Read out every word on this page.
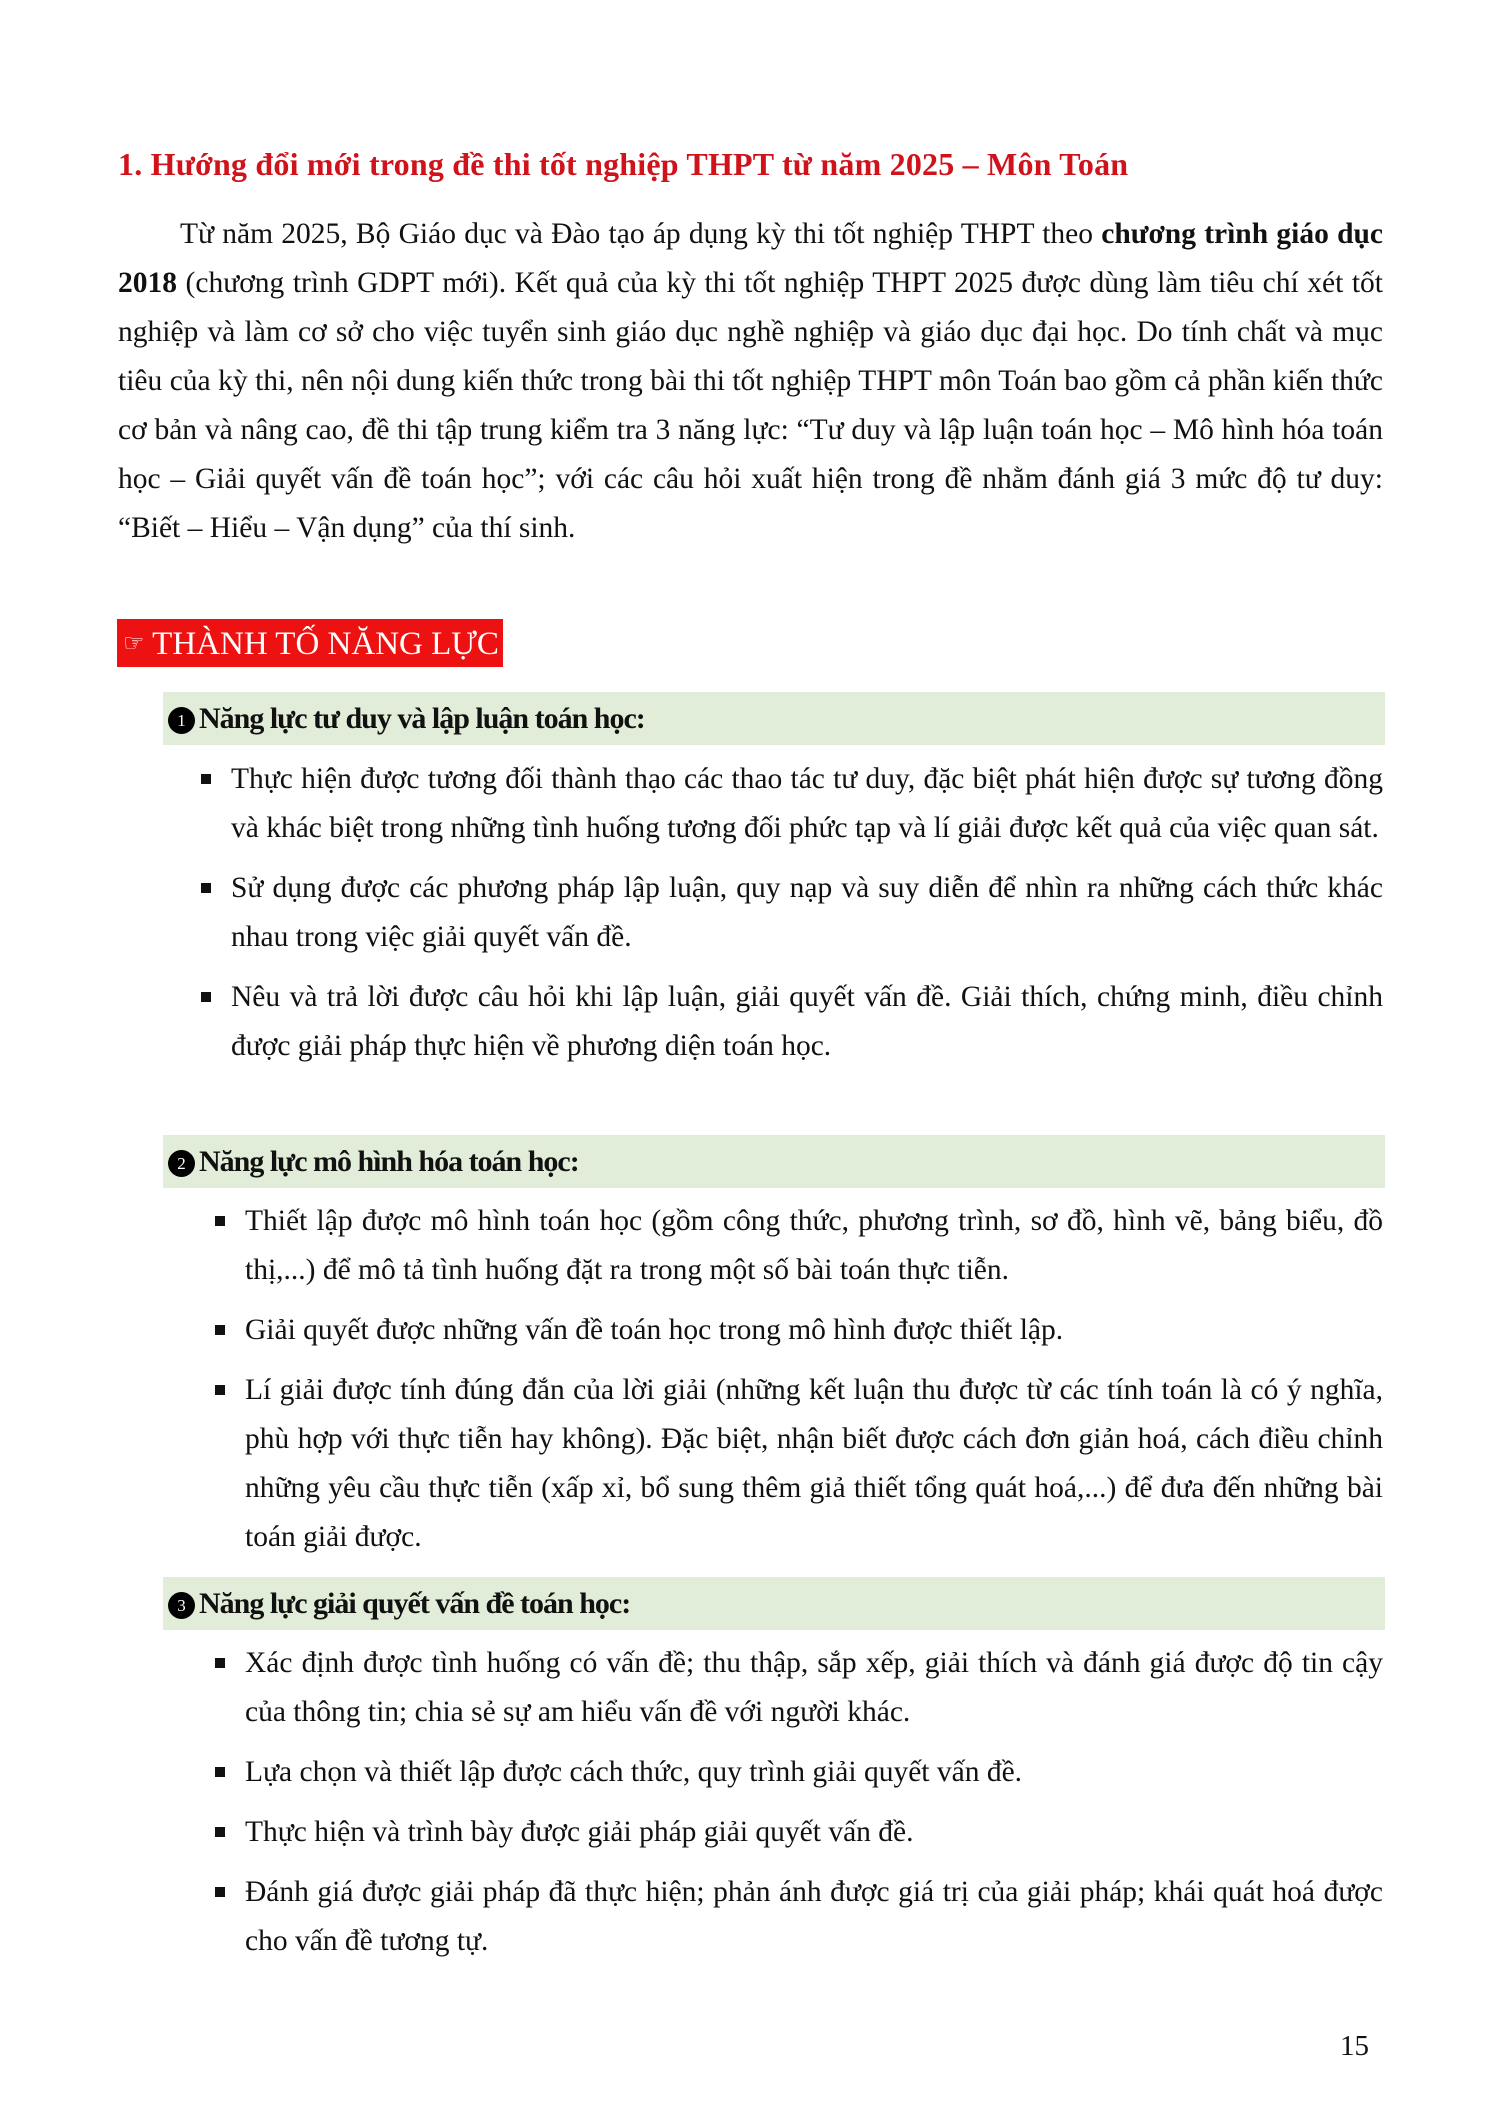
1. Hướng đổi mới trong đề thi tốt nghiệp THPT từ năm 2025 – Môn Toán

Từ năm 2025, Bộ Giáo dục và Đào tạo áp dụng kỳ thi tốt nghiệp THPT theo chương trình giáo dục 2018 (chương trình GDPT mới). Kết quả của kỳ thi tốt nghiệp THPT 2025 được dùng làm tiêu chí xét tốt nghiệp và làm cơ sở cho việc tuyển sinh giáo dục nghề nghiệp và giáo dục đại học. Do tính chất và mục tiêu của kỳ thi, nên nội dung kiến thức trong bài thi tốt nghiệp THPT môn Toán bao gồm cả phần kiến thức cơ bản và nâng cao, đề thi tập trung kiểm tra 3 năng lực: “Tư duy và lập luận toán học – Mô hình hóa toán học – Giải quyết vấn đề toán học”; với các câu hỏi xuất hiện trong đề nhằm đánh giá 3 mức độ tư duy: “Biết – Hiểu – Vận dụng” của thí sinh.

☞ THÀNH TỐ NĂNG LỰC
1 Năng lực tư duy và lập luận toán học:
Thực hiện được tương đối thành thạo các thao tác tư duy, đặc biệt phát hiện được sự tương đồng và khác biệt trong những tình huống tương đối phức tạp và lí giải được kết quả của việc quan sát.
Sử dụng được các phương pháp lập luận, quy nạp và suy diễn để nhìn ra những cách thức khác nhau trong việc giải quyết vấn đề.
Nêu và trả lời được câu hỏi khi lập luận, giải quyết vấn đề. Giải thích, chứng minh, điều chỉnh được giải pháp thực hiện về phương diện toán học.
2 Năng lực mô hình hóa toán học:
Thiết lập được mô hình toán học (gồm công thức, phương trình, sơ đồ, hình vẽ, bảng biểu, đồ thị,...) để mô tả tình huống đặt ra trong một số bài toán thực tiễn.
Giải quyết được những vấn đề toán học trong mô hình được thiết lập.
Lí giải được tính đúng đắn của lời giải (những kết luận thu được từ các tính toán là có ý nghĩa, phù hợp với thực tiễn hay không). Đặc biệt, nhận biết được cách đơn giản hoá, cách điều chỉnh những yêu cầu thực tiễn (xấp xỉ, bổ sung thêm giả thiết tổng quát hoá,...) để đưa đến những bài toán giải được.
3 Năng lực giải quyết vấn đề toán học:
Xác định được tình huống có vấn đề; thu thập, sắp xếp, giải thích và đánh giá được độ tin cậy của thông tin; chia sẻ sự am hiểu vấn đề với người khác.
Lựa chọn và thiết lập được cách thức, quy trình giải quyết vấn đề.
Thực hiện và trình bày được giải pháp giải quyết vấn đề.
Đánh giá được giải pháp đã thực hiện; phản ánh được giá trị của giải pháp; khái quát hoá được cho vấn đề tương tự.
15
